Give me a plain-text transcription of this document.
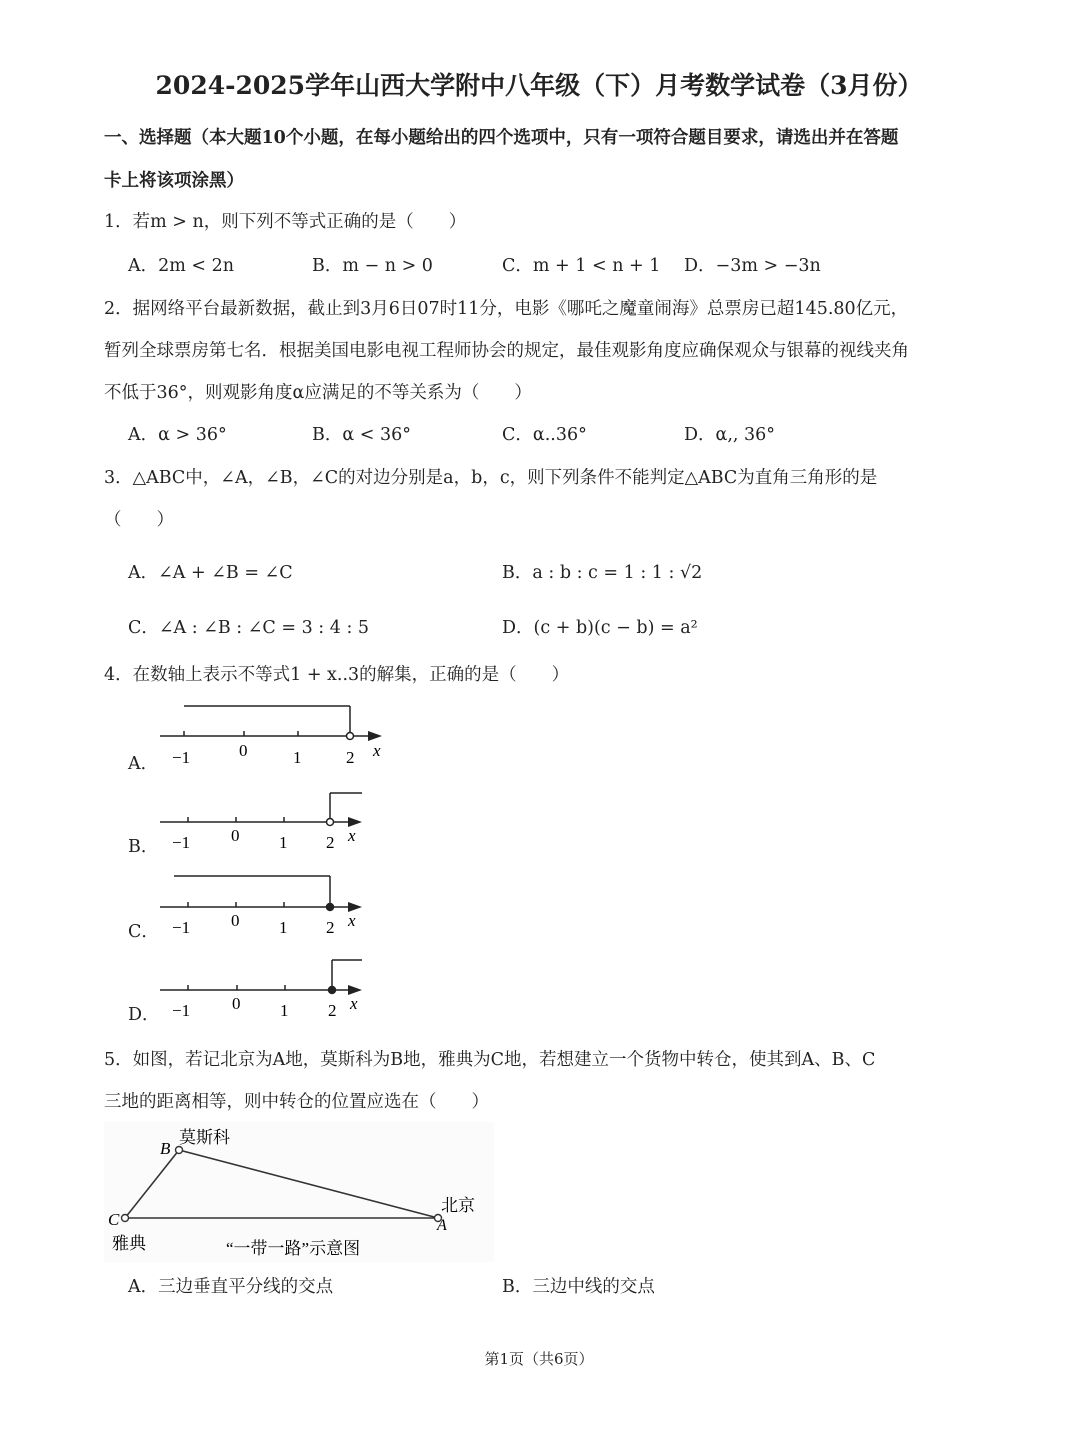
2024-2025学年山西大学附中八年级（下）月考数学试卷（3月份）
一、选择题（本大题10个小题，在每小题给出的四个选项中，只有一项符合题目要求，请选出并在答题
卡上将该项涂黑）
1．若m > n，则下列不等式正确的是（　　）
A．2m < 2n	B．m − n > 0	C．m + 1 < n + 1 D．−3m > −3n
2．据网络平台最新数据，截止到3月6日07时11分，电影《哪吒之魔童闹海》总票房已超145.80亿元，
暂列全球票房第七名．根据美国电影电视工程师协会的规定，最佳观影角度应确保观众与银幕的视线夹角
不低于36°，则观影角度α应满足的不等关系为（　　）
A．α > 36°	B．α < 36°	C．α..36°	D．α,, 36°
3．△ABC中，∠A，∠B，∠C的对边分别是a，b，c，则下列条件不能判定△ABC为直角三角形的是
（　　）
A．∠A + ∠B = ∠C	B．a : b : c = 1 : 1 : √2
C．∠A : ∠B : ∠C = 3 : 4 : 5	D．(c + b)(c − b) = a²
4．在数轴上表示不等式1 + x..3的解集，正确的是（　　）
A． −1	0	1	2 x
B． −1 0 1 2 x
C． −1 0 1 2 x
D． −1 0 1 2 x
5．如图，若记北京为A地，莫斯科为B地，雅典为C地，若想建立一个货物中转仓，使其到A、B、C
三地的距离相等，则中转仓的位置应选在（　　）
B
莫斯科
C
雅典
A
北京
“一带一路”示意图
A．三边垂直平分线的交点	B．三边中线的交点
第1页（共6页）
